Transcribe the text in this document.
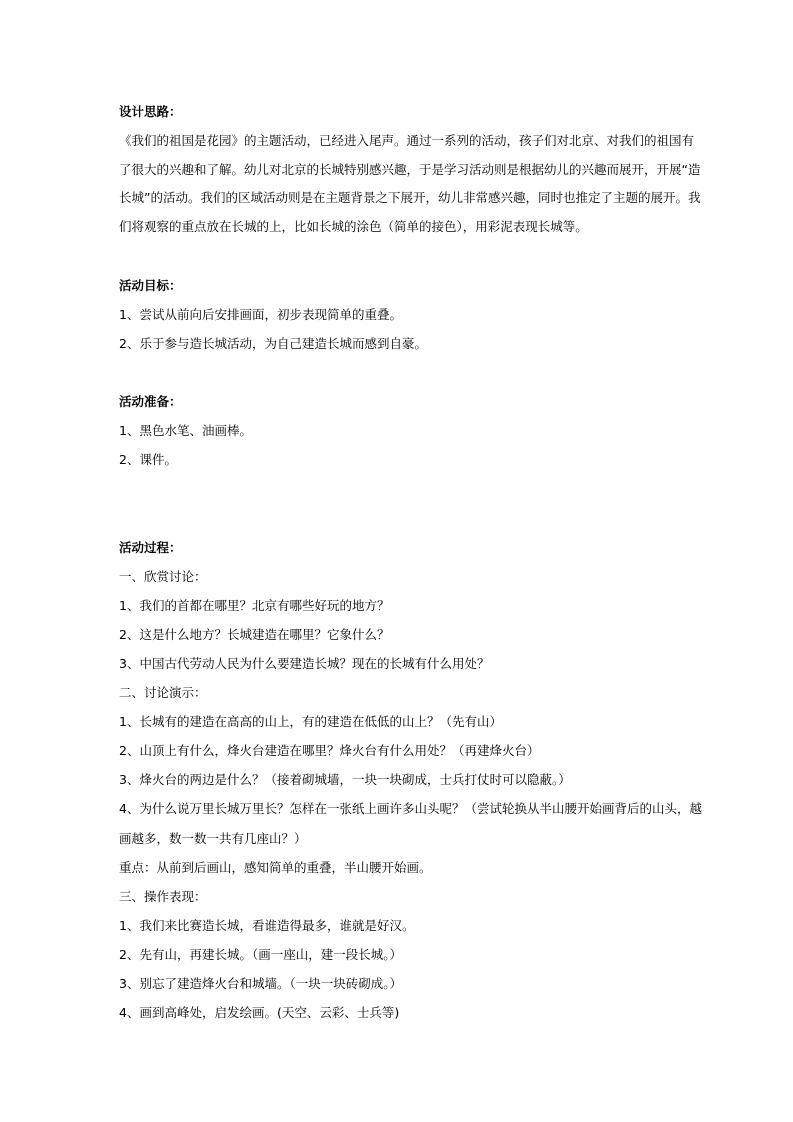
设计思路：
《我们的祖国是花园》的主题活动，已经进入尾声。通过一系列的活动，孩子们对北京、对我们的祖国有
了很大的兴趣和了解。幼儿对北京的长城特别感兴趣，于是学习活动则是根据幼儿的兴趣而展开，开展“造
长城”的活动。我们的区域活动则是在主题背景之下展开，幼儿非常感兴趣，同时也推定了主题的展开。我
们将观察的重点放在长城的上，比如长城的涂色（简单的接色），用彩泥表现长城等。
活动目标：
1、尝试从前向后安排画面，初步表现简单的重叠。
2、乐于参与造长城活动，为自己建造长城而感到自豪。
活动准备：
1、黑色水笔、油画棒。
2、课件。
活动过程：
一、欣赏讨论：
1、我们的首都在哪里？北京有哪些好玩的地方？
2、这是什么地方？长城建造在哪里？它象什么？
3、中国古代劳动人民为什么要建造长城？现在的长城有什么用处？
二、讨论演示：
1、长城有的建造在高高的山上，有的建造在低低的山上？（先有山）
2、山顶上有什么，烽火台建造在哪里？烽火台有什么用处？（再建烽火台）
3、烽火台的两边是什么？（接着砌城墙，一块一块砌成，士兵打仗时可以隐蔽。）
4、为什么说万里长城万里长？怎样在一张纸上画许多山头呢？（尝试轮换从半山腰开始画背后的山头，越
画越多，数一数一共有几座山？）
重点：从前到后画山，感知简单的重叠，半山腰开始画。
三、操作表现：
1、我们来比赛造长城，看谁造得最多，谁就是好汉。
2、先有山，再建长城。（画一座山，建一段长城。）
3、别忘了建造烽火台和城墙。（一块一块砖砌成。）
4、画到高峰处，启发绘画。(天空、云彩、士兵等)
